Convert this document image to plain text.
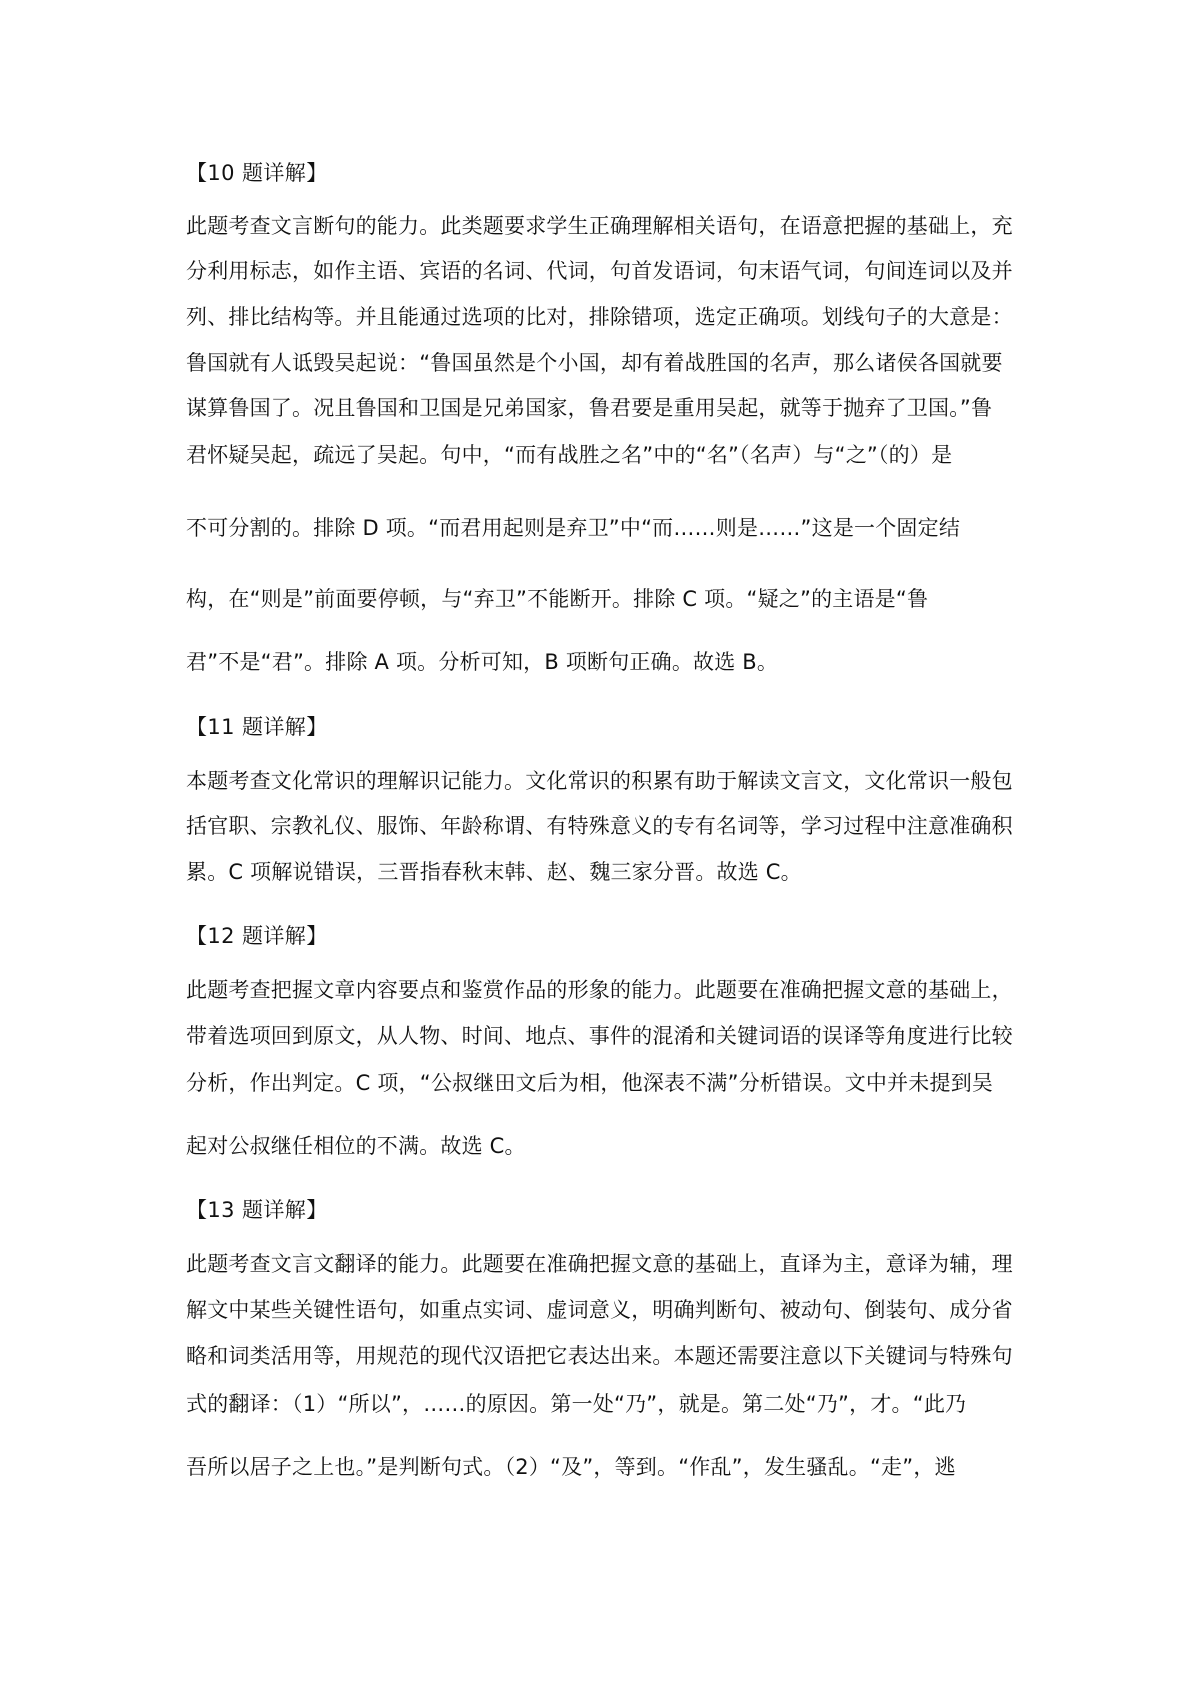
【10 题详解】
此题考查文言断句的能力。此类题要求学生正确理解相关语句，在语意把握的基础上，充
分利用标志，如作主语、宾语的名词、代词，句首发语词，句末语气词，句间连词以及并
列、排比结构等。并且能通过选项的比对，排除错项，选定正确项。划线句子的大意是：
鲁国就有人诋毁吴起说：“鲁国虽然是个小国，却有着战胜国的名声，那么诸侯各国就要
谋算鲁国了。况且鲁国和卫国是兄弟国家，鲁君要是重用吴起，就等于抛弃了卫国。”鲁
君怀疑吴起，疏远了吴起。句中，“而有战胜之名”中的“名”（名声）与“之”（的）是
不可分割的。排除 D 项。“而君用起则是弃卫”中“而……则是……”这是一个固定结
构，在“则是”前面要停顿，与“弃卫”不能断开。排除 C 项。“疑之”的主语是“鲁
君”不是“君”。排除 A 项。分析可知，B 项断句正确。故选 B。
【11 题详解】
本题考查文化常识的理解识记能力。文化常识的积累有助于解读文言文，文化常识一般包
括官职、宗教礼仪、服饰、年龄称谓、有特殊意义的专有名词等，学习过程中注意准确积
累。C 项解说错误，三晋指春秋末韩、赵、魏三家分晋。故选 C。
【12 题详解】
此题考查把握文章内容要点和鉴赏作品的形象的能力。此题要在准确把握文意的基础上，
带着选项回到原文，从人物、时间、地点、事件的混淆和关键词语的误译等角度进行比较
分析，作出判定。C 项，“公叔继田文后为相，他深表不满”分析错误。文中并未提到吴
起对公叔继任相位的不满。故选 C。
【13 题详解】
此题考查文言文翻译的能力。此题要在准确把握文意的基础上，直译为主，意译为辅，理
解文中某些关键性语句，如重点实词、虚词意义，明确判断句、被动句、倒装句、成分省
略和词类活用等，用规范的现代汉语把它表达出来。本题还需要注意以下关键词与特殊句
式的翻译：（1）“所以”，……的原因。第一处“乃”，就是。第二处“乃”，才。“此乃
吾所以居子之上也。”是判断句式。（2）“及”，等到。“作乱”，发生骚乱。“走”，逃
